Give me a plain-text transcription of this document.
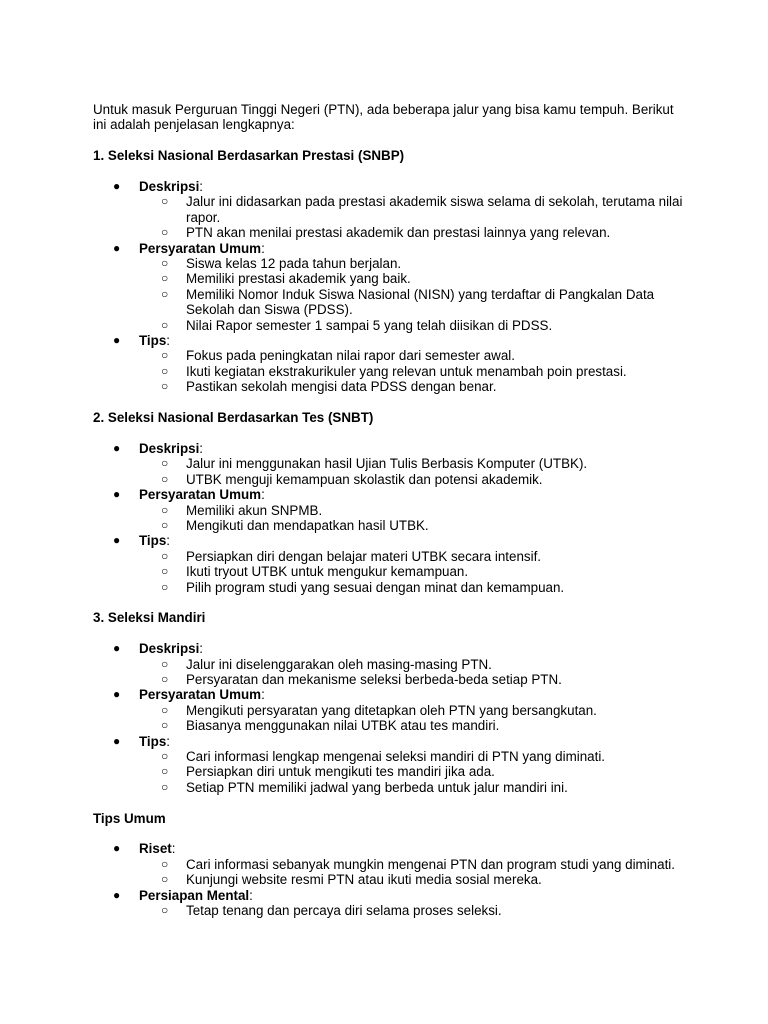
Untuk masuk Perguruan Tinggi Negeri (PTN), ada beberapa jalur yang bisa kamu tempuh. Berikut ini adalah penjelasan lengkapnya:

1. Seleksi Nasional Berdasarkan Prestasi (SNBP)
● Deskripsi:
○ Jalur ini didasarkan pada prestasi akademik siswa selama di sekolah, terutama nilai rapor.
○ PTN akan menilai prestasi akademik dan prestasi lainnya yang relevan.
● Persyaratan Umum:
○ Siswa kelas 12 pada tahun berjalan.
○ Memiliki prestasi akademik yang baik.
○ Memiliki Nomor Induk Siswa Nasional (NISN) yang terdaftar di Pangkalan Data Sekolah dan Siswa (PDSS).
○ Nilai Rapor semester 1 sampai 5 yang telah diisikan di PDSS.
● Tips:
○ Fokus pada peningkatan nilai rapor dari semester awal.
○ Ikuti kegiatan ekstrakurikuler yang relevan untuk menambah poin prestasi.
○ Pastikan sekolah mengisi data PDSS dengan benar.
2. Seleksi Nasional Berdasarkan Tes (SNBT)
● Deskripsi:
○ Jalur ini menggunakan hasil Ujian Tulis Berbasis Komputer (UTBK).
○ UTBK menguji kemampuan skolastik dan potensi akademik.
● Persyaratan Umum:
○ Memiliki akun SNPMB.
○ Mengikuti dan mendapatkan hasil UTBK.
● Tips:
○ Persiapkan diri dengan belajar materi UTBK secara intensif.
○ Ikuti tryout UTBK untuk mengukur kemampuan.
○ Pilih program studi yang sesuai dengan minat dan kemampuan.
3. Seleksi Mandiri
● Deskripsi:
○ Jalur ini diselenggarakan oleh masing-masing PTN.
○ Persyaratan dan mekanisme seleksi berbeda-beda setiap PTN.
● Persyaratan Umum:
○ Mengikuti persyaratan yang ditetapkan oleh PTN yang bersangkutan.
○ Biasanya menggunakan nilai UTBK atau tes mandiri.
● Tips:
○ Cari informasi lengkap mengenai seleksi mandiri di PTN yang diminati.
○ Persiapkan diri untuk mengikuti tes mandiri jika ada.
○ Setiap PTN memiliki jadwal yang berbeda untuk jalur mandiri ini.
Tips Umum
● Riset:
○ Cari informasi sebanyak mungkin mengenai PTN dan program studi yang diminati.
○ Kunjungi website resmi PTN atau ikuti media sosial mereka.
● Persiapan Mental:
○ Tetap tenang dan percaya diri selama proses seleksi.
